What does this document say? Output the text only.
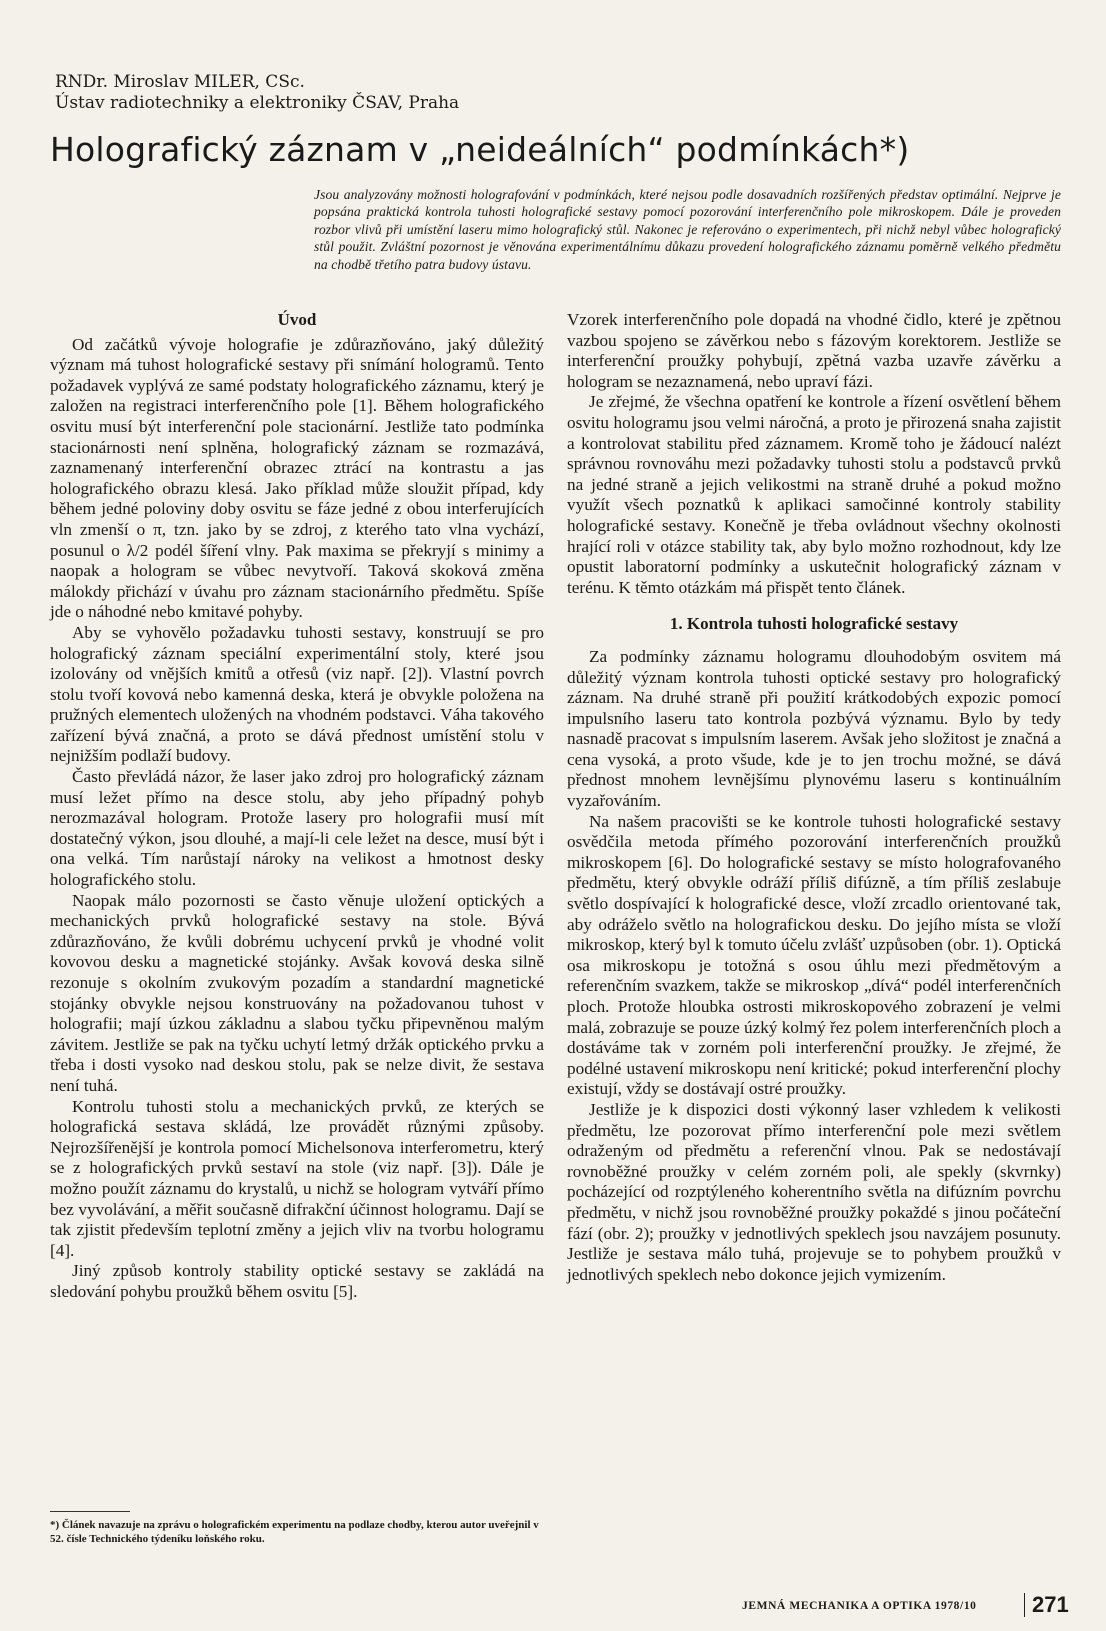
RNDr. Miroslav MILER, CSc.
Ústav radiotechniky a elektroniky ČSAV, Praha
Holografický záznam v „neideálních“ podmínkách*)
Jsou analyzovány možnosti holografování v podmínkách, které nejsou podle dosavadních rozšířených představ optimální. Nejprve je popsána praktická kontrola tuhosti holografické sestavy pomocí pozorování interferenčního pole mikroskopem. Dále je proveden rozbor vlivů při umístění laseru mimo holografický stůl. Nakonec je referováno o experimentech, při nichž nebyl vůbec holografický stůl použit. Zvláštní pozornost je věnována experimentálnímu důkazu provedení holografického záznamu poměrně velkého předmětu na chodbě třetího patra budovy ústavu.
Úvod

Od začátků vývoje holografie je zdůrazňováno, jaký důležitý význam má tuhost holografické sestavy při snímání hologramů. Tento požadavek vyplývá ze samé podstaty holografického záznamu, který je založen na registraci interferenčního pole [1]. Během holografického osvitu musí být interferenční pole stacionární. Jestliže tato podmínka stacionárnosti není splněna, holografický záznam se rozmazává, zaznamenaný interferenční obrazec ztrácí na kontrastu a jas holografického obrazu klesá. Jako příklad může sloužit případ, kdy během jedné poloviny doby osvitu se fáze jedné z obou interferujících vln zmenší o π, tzn. jako by se zdroj, z kterého tato vlna vychází, posunul o λ/2 podél šíření vlny. Pak maxima se překryjí s minimy a naopak a hologram se vůbec nevytvoří. Taková skoková změna málokdy přichází v úvahu pro záznam stacionárního předmětu. Spíše jde o náhodné nebo kmitavé pohyby.

Aby se vyhovělo požadavku tuhosti sestavy, konstruují se pro holografický záznam speciální experimentální stoly, které jsou izolovány od vnějších kmitů a otřesů (viz např. [2]). Vlastní povrch stolu tvoří kovová nebo kamenná deska, která je obvykle položena na pružných elementech uložených na vhodném podstavci. Váha takového zařízení bývá značná, a proto se dává přednost umístění stolu v nejnižším podlaží budovy.

Často převládá názor, že laser jako zdroj pro holografický záznam musí ležet přímo na desce stolu, aby jeho případný pohyb nerozmazával hologram. Protože lasery pro holografii musí mít dostatečný výkon, jsou dlouhé, a mají-li cele ležet na desce, musí být i ona velká. Tím narůstají nároky na velikost a hmotnost desky holografického stolu.

Naopak málo pozornosti se často věnuje uložení optických a mechanických prvků holografické sestavy na stole. Bývá zdůrazňováno, že kvůli dobrému uchycení prvků je vhodné volit kovovou desku a magnetické stojánky. Avšak kovová deska silně rezonuje s okolním zvukovým pozadím a standardní magnetické stojánky obvykle nejsou konstruovány na požadovanou tuhost v holografii; mají úzkou základnu a slabou tyčku připevněnou malým závitem. Jestliže se pak na tyčku uchytí letmý držák optického prvku a třeba i dosti vysoko nad deskou stolu, pak se nelze divit, že sestava není tuhá.

Kontrolu tuhosti stolu a mechanických prvků, ze kterých se holografická sestava skládá, lze provádět různými způsoby. Nejrozšířenější je kontrola pomocí Michelsonova interferometru, který se z holografických prvků sestaví na stole (viz např. [3]). Dále je možno použít záznamu do krystalů, u nichž se hologram vytváří přímo bez vyvolávání, a měřit současně difrakční účinnost hologramu. Dají se tak zjistit především teplotní změny a jejich vliv na tvorbu hologramu [4].

Jiný způsob kontroly stability optické sestavy se zakládá na sledování pohybu proužků během osvitu [5].

Vzorek interferenčního pole dopadá na vhodné čidlo, které je zpětnou vazbou spojeno se závěrkou nebo s fázovým korektorem. Jestliže se interferenční proužky pohybují, zpětná vazba uzavře závěrku a hologram se nezaznamená, nebo upraví fázi.

Je zřejmé, že všechna opatření ke kontrole a řízení osvětlení během osvitu hologramu jsou velmi náročná, a proto je přirozená snaha zajistit a kontrolovat stabilitu před záznamem. Kromě toho je žádoucí nalézt správnou rovnováhu mezi požadavky tuhosti stolu a podstavců prvků na jedné straně a jejich velikostmi na straně druhé a pokud možno využít všech poznatků k aplikaci samočinné kontroly stability holografické sestavy. Konečně je třeba ovládnout všechny okolnosti hrající roli v otázce stability tak, aby bylo možno rozhodnout, kdy lze opustit laboratorní podmínky a uskutečnit holografický záznam v terénu. K těmto otázkám má přispět tento článek.

1. Kontrola tuhosti holografické sestavy

Za podmínky záznamu hologramu dlouhodobým osvitem má důležitý význam kontrola tuhosti optické sestavy pro holografický záznam. Na druhé straně při použití krátkodobých expozic pomocí impulsního laseru tato kontrola pozbývá významu. Bylo by tedy nasnadě pracovat s impulsním laserem. Avšak jeho složitost je značná a cena vysoká, a proto všude, kde je to jen trochu možné, se dává přednost mnohem levnějšímu plynovému laseru s kontinuálním vyzařováním.

Na našem pracovišti se ke kontrole tuhosti holografické sestavy osvědčila metoda přímého pozorování interferenčních proužků mikroskopem [6]. Do holografické sestavy se místo holografovaného předmětu, který obvykle odráží příliš difúzně, a tím příliš zeslabuje světlo dospívající k holografické desce, vloží zrcadlo orientované tak, aby odráželo světlo na holografickou desku. Do jejího místa se vloží mikroskop, který byl k tomuto účelu zvlášť uzpůsoben (obr. 1). Optická osa mikroskopu je totožná s osou úhlu mezi předmětovým a referenčním svazkem, takže se mikroskop „dívá“ podél interferenčních ploch. Protože hloubka ostrosti mikroskopového zobrazení je velmi malá, zobrazuje se pouze úzký kolmý řez polem interferenčních ploch a dostáváme tak v zorném poli interferenční proužky. Je zřejmé, že podélné ustavení mikroskopu není kritické; pokud interferenční plochy existují, vždy se dostávají ostré proužky.

Jestliže je k dispozici dosti výkonný laser vzhledem k velikosti předmětu, lze pozorovat přímo interferenční pole mezi světlem odraženým od předmětu a referenční vlnou. Pak se nedostávají rovnoběžné proužky v celém zorném poli, ale spekly (skvrnky) pocházející od rozptýleného koherentního světla na difúzním povrchu předmětu, v nichž jsou rovnoběžné proužky pokaždé s jinou počáteční fází (obr. 2); proužky v jednotlivých speklech jsou navzájem posunuty. Jestliže je sestava málo tuhá, projevuje se to pohybem proužků v jednotlivých speklech nebo dokonce jejich vymizením.

*) Článek navazuje na zprávu o holografickém experimentu na podlaze chodby, kterou autor uveřejnil v 52. čísle Technického týdeníku loňského roku.
JEMNÁ MECHANIKA A OPTIKA 1978/10	271
